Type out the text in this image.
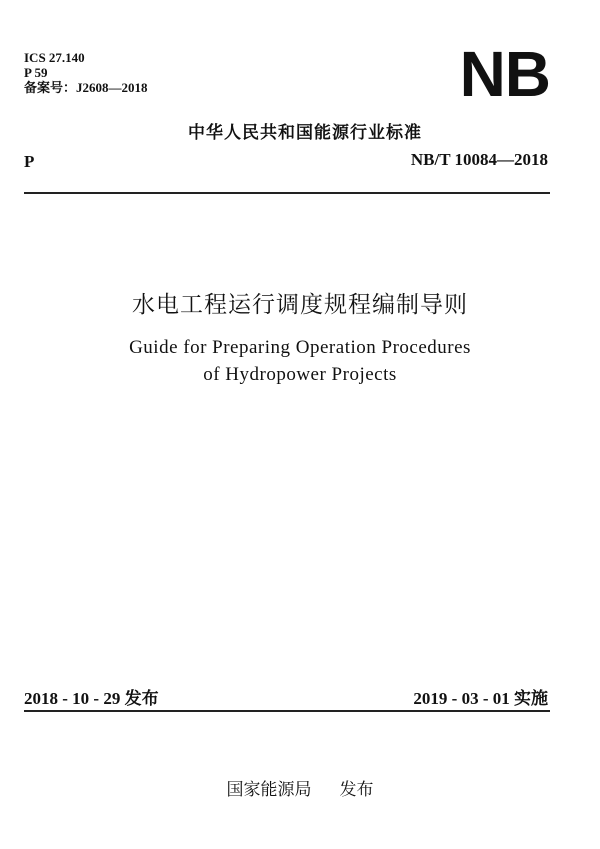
ICS 27.140
P 59
备案号：J2608—2018	NB
中华人民共和国能源行业标准
P	NB/T 10084—2018
水电工程运行调度规程编制导则
Guide for Preparing Operation Procedures
of Hydropower Projects
2018 - 10 - 29 发布	2019 - 03 - 01 实施
国家能源局 发布
